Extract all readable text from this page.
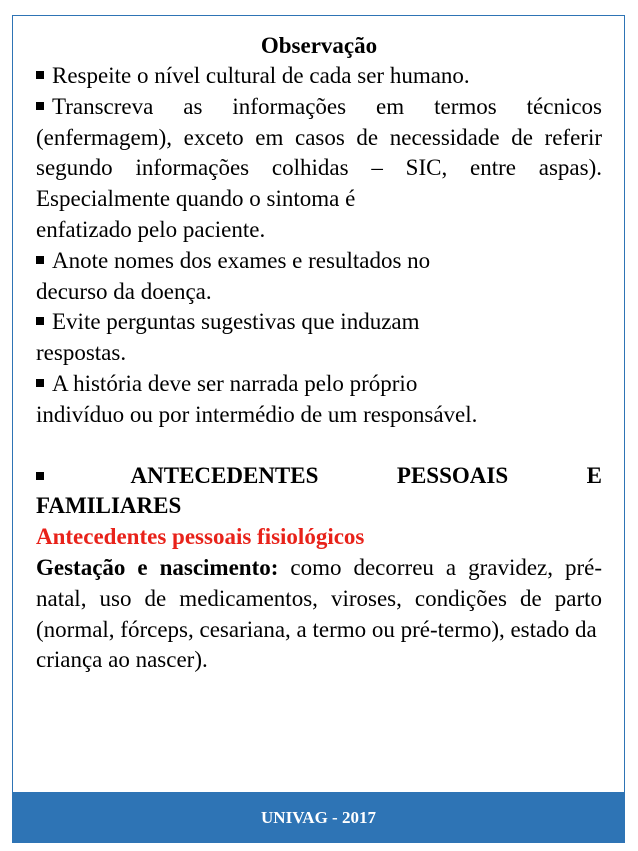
Observação
Respeite o nível cultural de cada ser humano.
Transcreva as informações em termos técnicos (enfermagem), exceto em casos de necessidade de referir segundo informações colhidas – SIC, entre aspas). Especialmente quando o sintoma é
enfatizado pelo paciente.
Anote nomes dos exames e resultados no
decurso da doença.
Evite perguntas sugestivas que induzam
respostas.
A história deve ser narrada pelo próprio
indivíduo ou por intermédio de um responsável.
ANTECEDENTES	PESSOAIS	E
FAMILIARES
Antecedentes pessoais fisiológicos
Gestação e nascimento: como decorreu a gravidez, pré-natal, uso de medicamentos, viroses, condições de parto (normal, fórceps, cesariana, a termo ou pré-termo), estado da
criança ao nascer).
UNIVAG - 2017
